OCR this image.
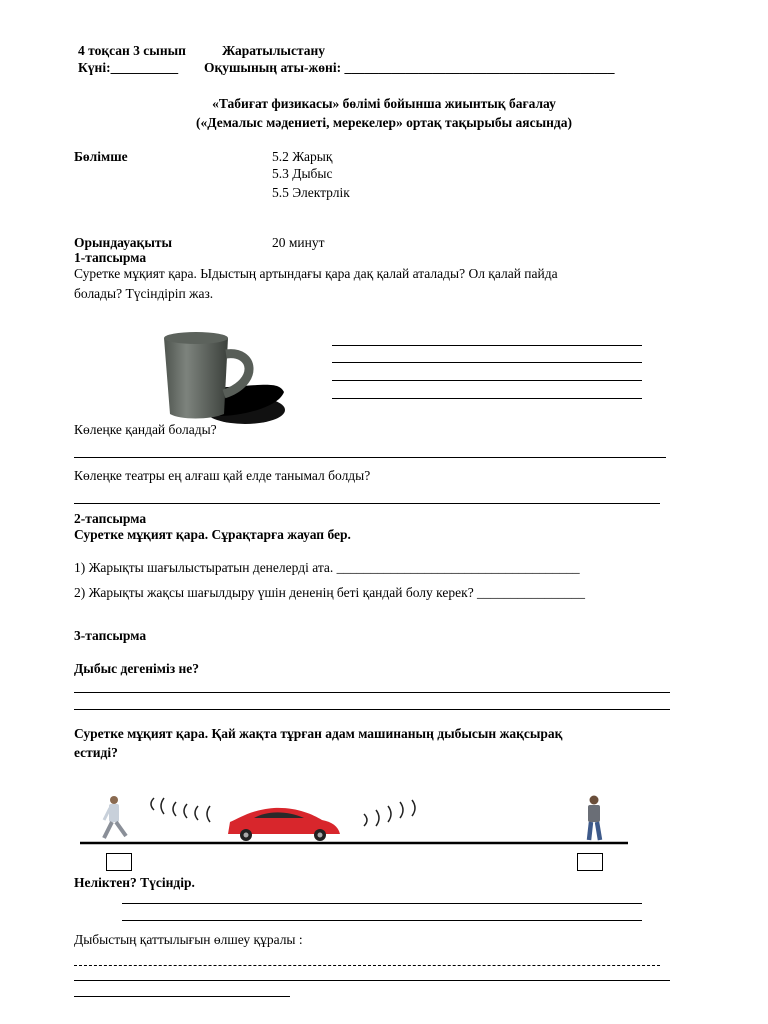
4 тоқсан 3 сынып	Жаратылыстану
Күні:__________ Оқушының аты-жөні: ________________________________________
«Табиғат физикасы» бөлімі бойынша жиынтық бағалау
(«Демалыс мәдениеті, мерекелер» ортақ тақырыбы аясында)
Бөлімше	5.2 Жарық
5.3 Дыбыс
5.5 Электрлік
Орындауақыты	20 минут
1-тапсырма
Суретке мұқият қара. Ыдыстың артындағы қара дақ қалай аталады? Ол қалай пайда
болады? Түсіндіріп жаз.
Көлеңке қандай болады?
Көлеңке театры ең алғаш қай елде танымал болды?
2-тапсырма
Суретке мұқият қара. Сұрақтарға жауап бер.
1) Жарықты шағылыстыратын денелерді ата. ____________________________________
2) Жарықты жақсы шағылдыру үшін дененің беті қандай болу керек? ________________
3-тапсырма
Дыбыс дегеніміз не?
Суретке мұқият қара. Қай жақта тұрған адам машинаның дыбысын жақсырақ
естиді?
Неліктен? Түсіндір.
Дыбыстың қаттылығын өлшеу құралы :
